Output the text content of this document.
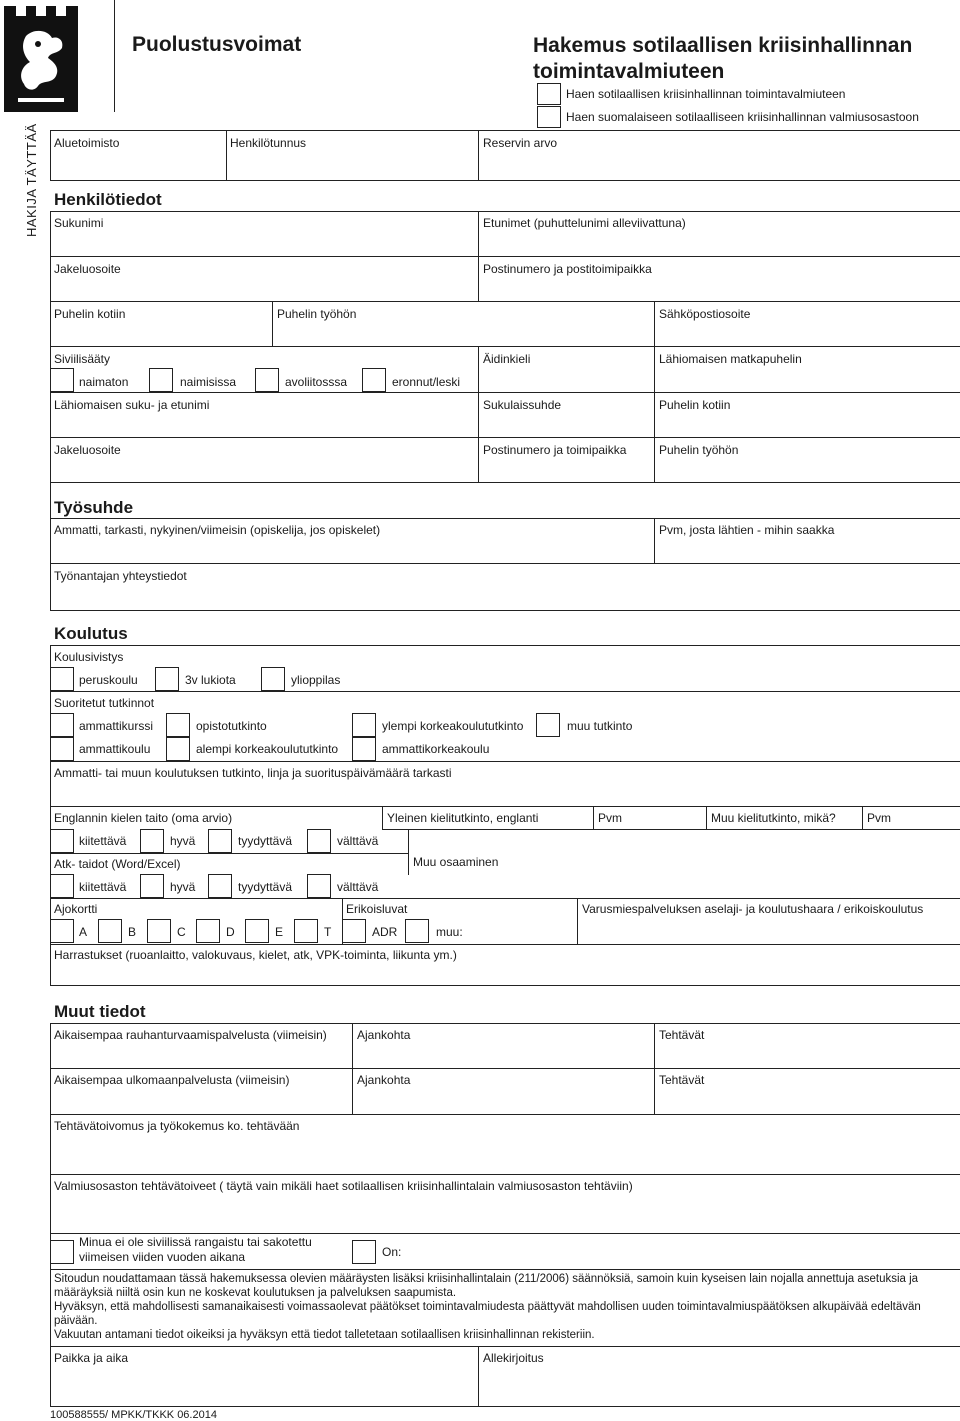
Puolustusvoimat	Hakemus sotilaallisen kriisinhallinnan toimintavalmiuteen
Haen sotilaallisen kriisinhallinnan toimintavalmiuteen
Haen suomalaiseen sotilaalliseen kriisinhallinnan valmiusosastoon
HAKIJA TÄYTTÄÄ Aluetoimisto	Henkilötunnus	Reservin arvo
Henkilötiedot
Sukunimi	Etunimet (puhuttelunimi alleviivattuna)
Jakeluosoite	Postinumero ja postitoimipaikka
Puhelin kotiin	Puhelin työhön	Sähköpostiosoite
Siviilisääty	Äidinkieli	Lähiomaisen matkapuhelin
naimaton	naimisissa	avoliitosssa	eronnut/leski
Lähiomaisen suku- ja etunimi	Sukulaissuhde	Puhelin kotiin
Jakeluosoite	Postinumero ja toimipaikka	Puhelin työhön
Työsuhde
Ammatti, tarkasti, nykyinen/viimeisin (opiskelija, jos opiskelet)	Pvm, josta lähtien - mihin saakka
Työnantajan yhteystiedot
Koulutus
Koulusivistys
peruskoulu	3v lukiota	ylioppilas
Suoritetut tutkinnot
ammattikurssi	opistotutkinto	ylempi korkeakoulututkinto	muu tutkinto
ammattikoulu	alempi korkeakoulututkinto	ammattikorkeakoulu
Ammatti- tai muun koulutuksen tutkinto, linja ja suorituspäivämäärä tarkasti
Englannin kielen taito (oma arvio)	Yleinen kielitutkinto, englanti	Pvm	Muu kielitutkinto, mikä?	Pvm
kiitettävä	hyvä	tyydyttävä	välttävä
Atk- taidot (Word/Excel)	Muu osaaminen
kiitettävä	hyvä	tyydyttävä	välttävä
Ajokortti	Erikoisluvat	Varusmiespalveluksen aselaji- ja koulutushaara / erikoiskoulutus
A	B	C	D	E	T	ADR	muu:
Harrastukset (ruoanlaitto, valokuvaus, kielet, atk, VPK-toiminta, liikunta ym.)
Muut tiedot
Aikaisempaa rauhanturvaamispalvelusta (viimeisin)	Ajankohta	Tehtävät
Aikaisempaa ulkomaanpalvelusta (viimeisin)	Ajankohta	Tehtävät
Tehtävätoivomus ja työkokemus ko. tehtävään
Valmiusosaston tehtävätoiveet ( täytä vain mikäli haet sotilaallisen kriisinhallintalain valmiusosaston tehtäviin)
Minua ei ole siviilissä rangaistu tai sakotettu
viimeisen viiden vuoden aikana	On:
Sitoudun noudattamaan tässä hakemuksessa olevien määräysten lisäksi kriisinhallintalain (211/2006) säännöksiä, samoin kuin kyseisen lain nojalla annettuja asetuksia ja määräyksiä niiltä osin kun ne koskevat koulutuksen ja palveluksen saapumista.
Hyväksyn, että mahdollisesti samanaikaisesti voimassaolevat päätökset toimintavalmiudesta päättyvät mahdollisen uuden toimintavalmiuspäätöksen alkupäivää edeltävän päivään.
Vakuutan antamani tiedot oikeiksi ja hyväksyn että tiedot talletetaan sotilaallisen kriisinhallinnan rekisteriin.
Paikka ja aika	Allekirjoitus
100588555/ MPKK/TKKK 06.2014
